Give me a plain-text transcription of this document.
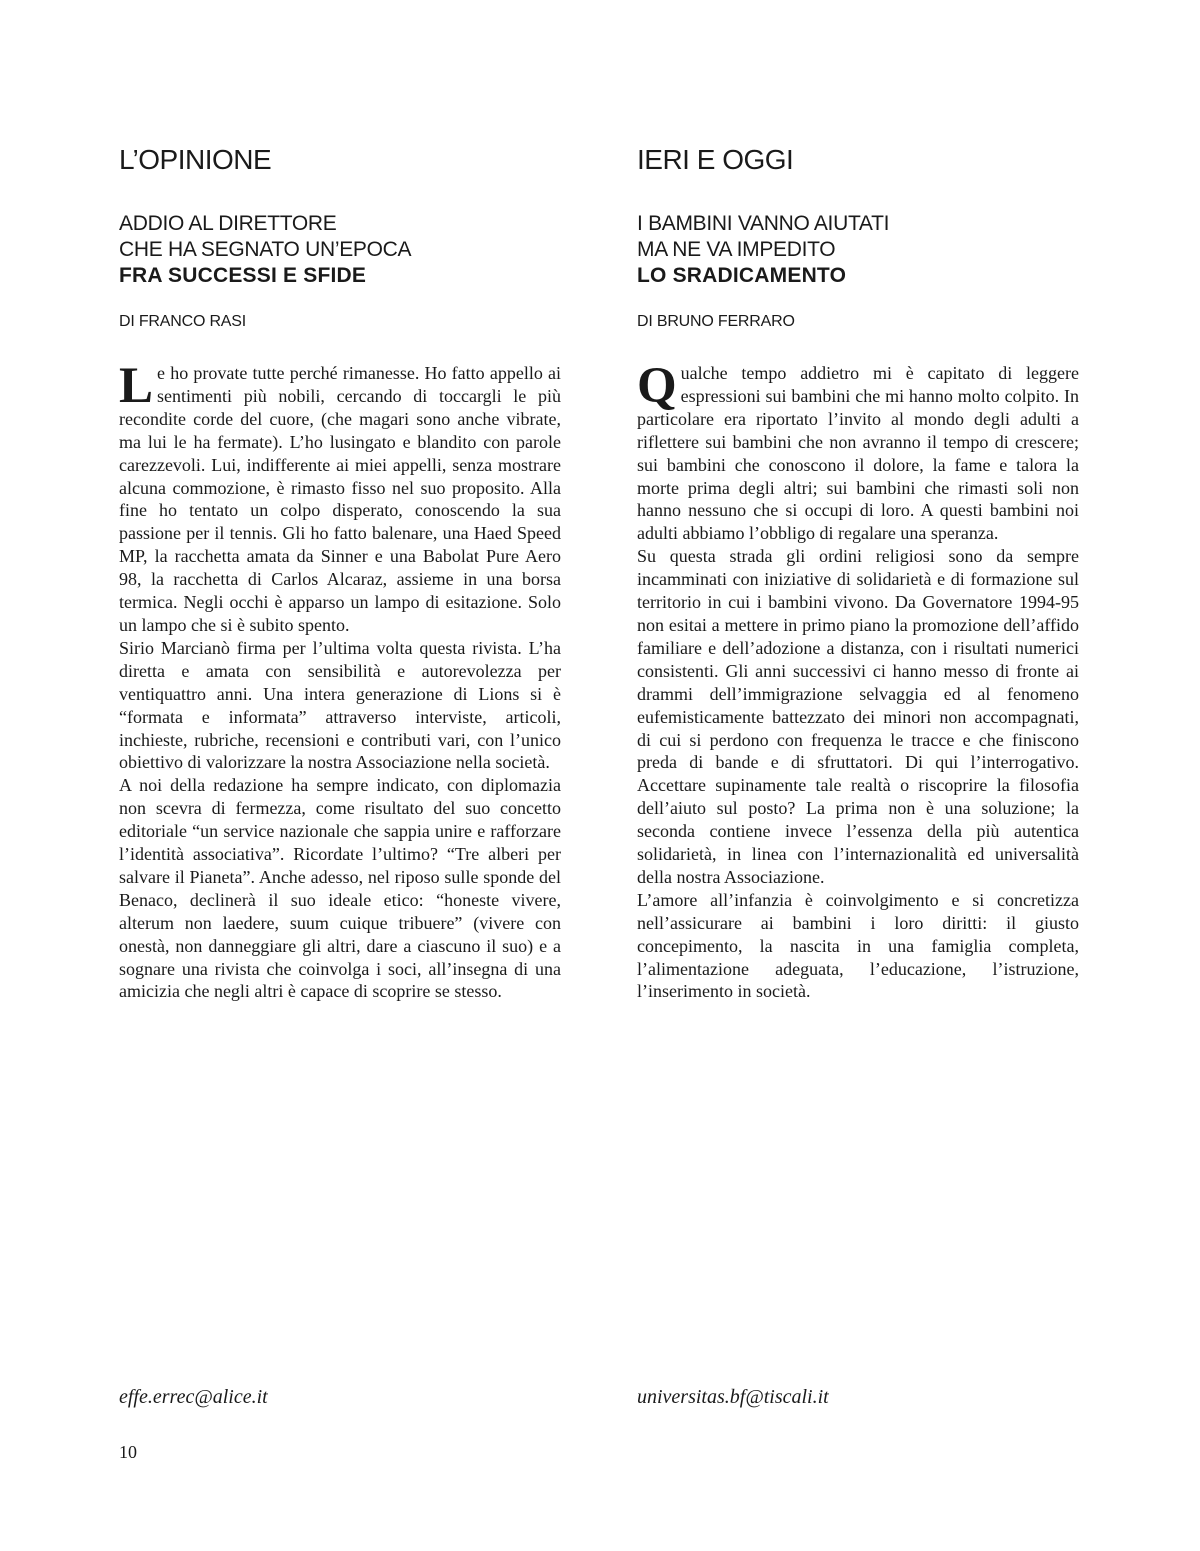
L’OPINIONE
ADDIO AL DIRETTORE
CHE HA SEGNATO UN’EPOCA
FRA SUCCESSI E SFIDE

DI FRANCO RASI

Le ho provate tutte perché rimanesse. Ho fatto appello ai sentimenti più nobili, cercando di toccargli le più recondite corde del cuore, (che magari sono anche vibrate, ma lui le ha fermate). L’ho lusingato e blandito con parole carezzevoli. Lui, indifferente ai miei appelli, senza mostrare alcuna commozione, è rimasto fisso nel suo proposito. Alla fine ho tentato un colpo disperato, conoscendo la sua passione per il tennis. Gli ho fatto balenare, una Haed Speed MP, la racchetta amata da Sinner e una Babolat Pure Aero 98, la racchetta di Carlos Alcaraz, assieme in una borsa termica. Negli occhi è apparso un lampo di esitazione. Solo un lampo che si è subito spento.

Sirio Marcianò firma per l’ultima volta questa rivista. L’ha diretta e amata con sensibilità e autorevolezza per ventiquattro anni. Una intera generazione di Lions si è “formata e informata” attraverso interviste, articoli, inchieste, rubriche, recensioni e contributi vari, con l’unico obiettivo di valorizzare la nostra Associazione nella società.

A noi della redazione ha sempre indicato, con diplomazia non scevra di fermezza, come risultato del suo concetto editoriale “un service nazionale che sappia unire e rafforzare l’identità associativa”. Ricordate l’ultimo? “Tre alberi per salvare il Pianeta”. Anche adesso, nel riposo sulle sponde del Benaco, declinerà il suo ideale etico: “honeste vivere, alterum non laedere, suum cuique tribuere” (vivere con onestà, non danneggiare gli altri, dare a ciascuno il suo) e a sognare una rivista che coinvolga i soci, all’insegna di una amicizia che negli altri è capace di scoprire se stesso.

effe.errec@alice.it

IERI E OGGI
I BAMBINI VANNO AIUTATI
MA NE VA IMPEDITO
LO SRADICAMENTO

DI BRUNO FERRARO

Qualche tempo addietro mi è capitato di leggere espressioni sui bambini che mi hanno molto colpito. In particolare era riportato l’invito al mondo degli adulti a riflettere sui bambini che non avranno il tempo di crescere; sui bambini che conoscono il dolore, la fame e talora la morte prima degli altri; sui bambini che rimasti soli non hanno nessuno che si occupi di loro. A questi bambini noi adulti abbiamo l’obbligo di regalare una speranza.

Su questa strada gli ordini religiosi sono da sempre incamminati con iniziative di solidarietà e di formazione sul territorio in cui i bambini vivono. Da Governatore 1994-95 non esitai a mettere in primo piano la promozione dell’affido familiare e dell’adozione a distanza, con i risultati numerici consistenti. Gli anni successivi ci hanno messo di fronte ai drammi dell’immigrazione selvaggia ed al fenomeno eufemisticamente battezzato dei minori non accompagnati, di cui si perdono con frequenza le tracce e che finiscono preda di bande e di sfruttatori. Di qui l’interrogativo. Accettare supinamente tale realtà o riscoprire la filosofia dell’aiuto sul posto? La prima non è una soluzione; la seconda contiene invece l’essenza della più autentica solidarietà, in linea con l’internazionalità ed universalità della nostra Associazione.

L’amore all’infanzia è coinvolgimento e si concretizza nell’assicurare ai bambini i loro diritti: il giusto concepimento, la nascita in una famiglia completa, l’alimentazione adeguata, l’educazione, l’istruzione, l’inserimento in società.

universitas.bf@tiscali.it

10
